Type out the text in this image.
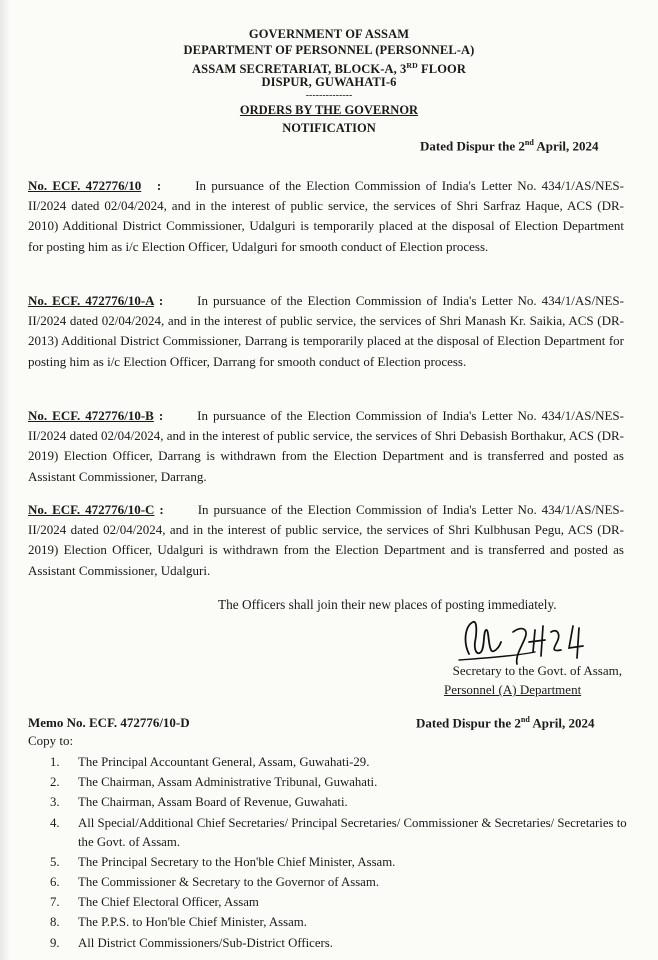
GOVERNMENT OF ASSAM
DEPARTMENT OF PERSONNEL (PERSONNEL-A)
ASSAM SECRETARIAT, BLOCK-A, 3RD FLOOR
DISPUR, GUWAHATI-6
--------------
ORDERS BY THE GOVERNOR
NOTIFICATION
Dated Dispur the 2nd April, 2024
No. ECF. 472776/10   :	In pursuance of the Election Commission of India's Letter No. 434/1/AS/NES-II/2024 dated 02/04/2024, and in the interest of public service, the services of Shri Sarfraz Haque, ACS (DR-2010) Additional District Commissioner, Udalguri is temporarily placed at the disposal of Election Department for posting him as i/c Election Officer, Udalguri for smooth conduct of Election process.
No. ECF. 472776/10-A :	In pursuance of the Election Commission of India's Letter No. 434/1/AS/NES-II/2024 dated 02/04/2024, and in the interest of public service, the services of Shri Manash Kr. Saikia, ACS (DR-2013) Additional District Commissioner, Darrang is temporarily placed at the disposal of Election Department for posting him as i/c Election Officer, Darrang for smooth conduct of Election process.
No. ECF. 472776/10-B :	In pursuance of the Election Commission of India's Letter No. 434/1/AS/NES-II/2024 dated 02/04/2024, and in the interest of public service, the services of Shri Debasish Borthakur, ACS (DR-2019) Election Officer, Darrang is withdrawn from the Election Department and is transferred and posted as Assistant Commissioner, Darrang.
No. ECF. 472776/10-C :	In pursuance of the Election Commission of India's Letter No. 434/1/AS/NES-II/2024 dated 02/04/2024, and in the interest of public service, the services of Shri Kulbhusan Pegu, ACS (DR-2019) Election Officer, Udalguri is withdrawn from the Election Department and is transferred and posted as Assistant Commissioner, Udalguri.
The Officers shall join their new places of posting immediately.
Secretary to the Govt. of Assam,
Personnel (A) Department
Memo No. ECF. 472776/10-D	Dated Dispur the 2nd April, 2024
Copy to:
1.	The Principal Accountant General, Assam, Guwahati-29.
2.	The Chairman, Assam Administrative Tribunal, Guwahati.
3.	The Chairman, Assam Board of Revenue, Guwahati.
4.	All Special/Additional Chief Secretaries/ Principal Secretaries/ Commissioner & Secretaries/ Secretaries to the Govt. of Assam.
5.	The Principal Secretary to the Hon'ble Chief Minister, Assam.
6.	The Commissioner & Secretary to the Governor of Assam.
7.	The Chief Electoral Officer, Assam
8.	The P.P.S. to Hon'ble Chief Minister, Assam.
9.	All District Commissioners/Sub-District Officers.
